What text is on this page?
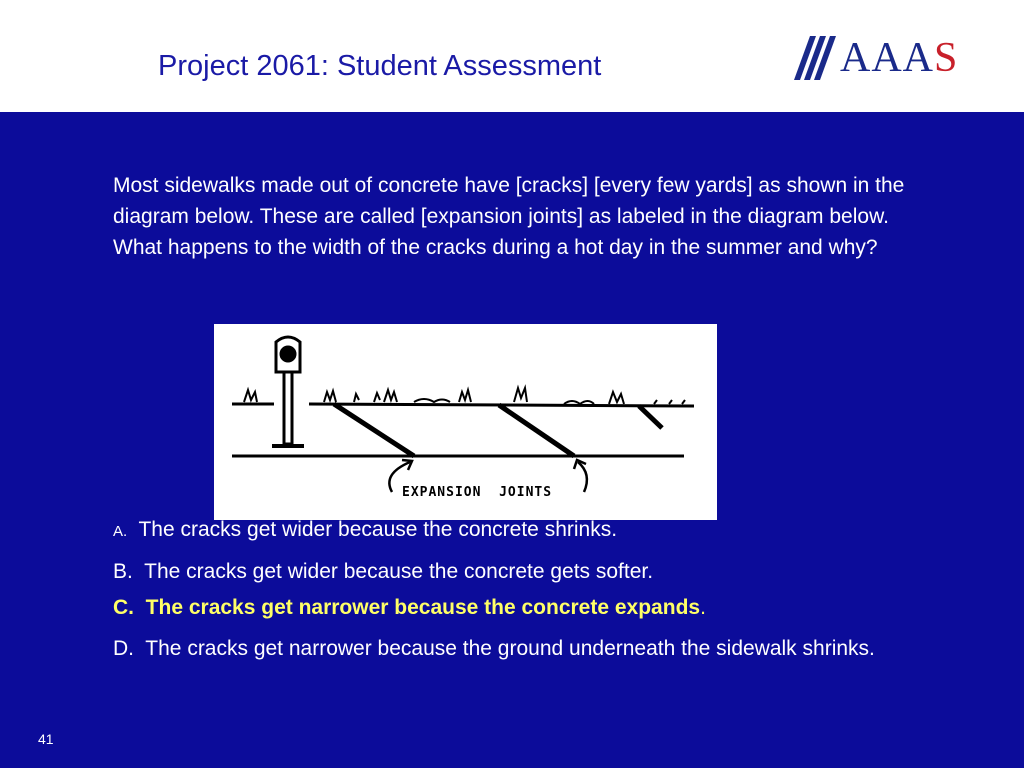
Project 2061: Student Assessment	AAAS

Most sidewalks made out of concrete have [cracks] [every few yards] as shown in the diagram below. These are called [expansion joints] as labeled in the diagram below. What happens to the width of the cracks during a hot day in the summer and why?

EXPANSION  JOINTS

A. The cracks get wider because the concrete shrinks.

B. The cracks get wider because the concrete gets softer.

C. The cracks get narrower because the concrete expands.

D. The cracks get narrower because the ground underneath the sidewalk shrinks.

41
